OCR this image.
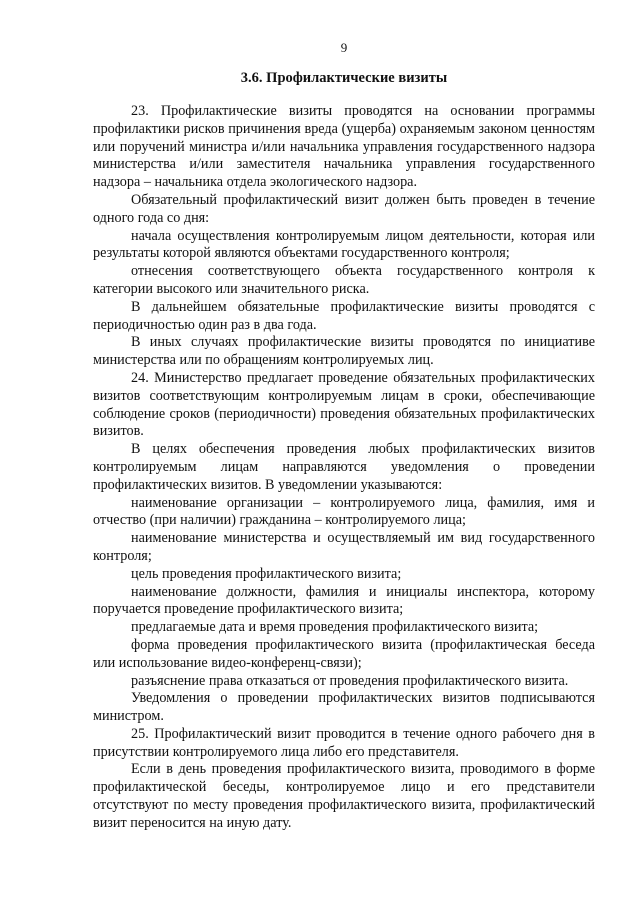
9
3.6. Профилактические визиты

23. Профилактические визиты проводятся на основании программы профилактики рисков причинения вреда (ущерба) охраняемым законом ценностям или поручений министра и/или начальника управления государственного надзора министерства и/или заместителя начальника управления государственного надзора – начальника отдела экологического надзора.

Обязательный профилактический визит должен быть проведен в течение одного года со дня:

начала осуществления контролируемым лицом деятельности, которая или результаты которой являются объектами государственного контроля;

отнесения соответствующего объекта государственного контроля к категории высокого или значительного риска.

В дальнейшем обязательные профилактические визиты проводятся с периодичностью один раз в два года.

В иных случаях профилактические визиты проводятся по инициативе министерства или по обращениям контролируемых лиц.

24. Министерство предлагает проведение обязательных профилактических визитов соответствующим контролируемым лицам в сроки, обеспечивающие соблюдение сроков (периодичности) проведения обязательных профилактических визитов.

В целях обеспечения проведения любых профилактических визитов контролируемым лицам направляются уведомления о проведении профилактических визитов. В уведомлении указываются:

наименование организации – контролируемого лица, фамилия, имя и отчество (при наличии) гражданина – контролируемого лица;

наименование министерства и осуществляемый им вид государственного контроля;

цель проведения профилактического визита;

наименование должности, фамилия и инициалы инспектора, которому поручается проведение профилактического визита;

предлагаемые дата и время проведения профилактического визита;

форма проведения профилактического визита (профилактическая беседа или использование видео-конференц-связи);

разъяснение права отказаться от проведения профилактического визита.

Уведомления о проведении профилактических визитов подписываются министром.

25. Профилактический визит проводится в течение одного рабочего дня в присутствии контролируемого лица либо его представителя.

Если в день проведения профилактического визита, проводимого в форме профилактической беседы, контролируемое лицо и его представители отсутствуют по месту проведения профилактического визита, профилактический визит переносится на иную дату.
